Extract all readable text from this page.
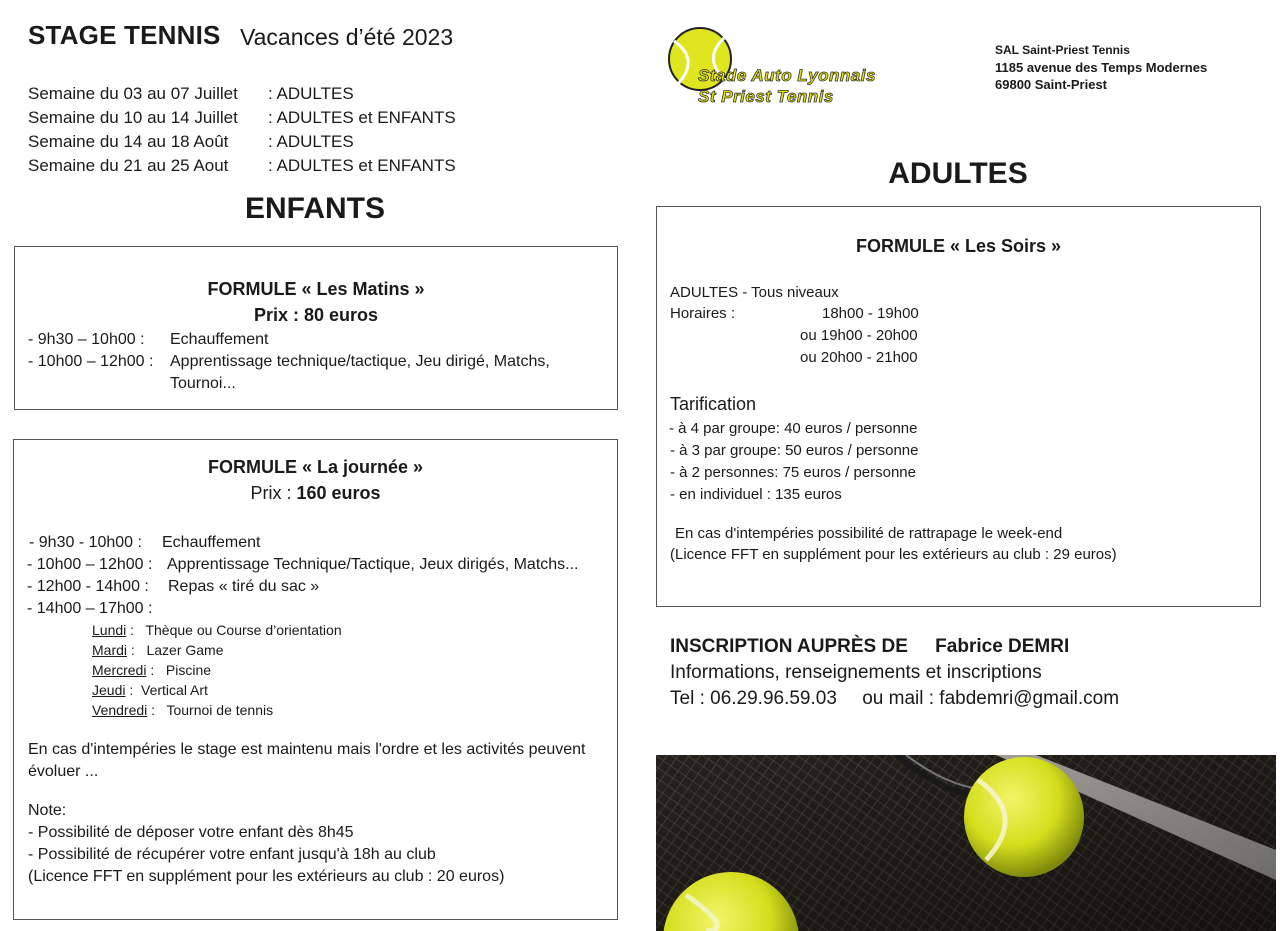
STAGE TENNIS Vacances d’été 2023
Semaine du 03 au 07 Juillet : ADULTES
Semaine du 10 au 14 Juillet : ADULTES et ENFANTS
Semaine du 14 au 18 Août : ADULTES
Semaine du 21 au 25 Aout : ADULTES et ENFANTS
Stade Auto Lyonnais
St Priest Tennis
SAL Saint-Priest Tennis
1185 avenue des Temps Modernes
69800 Saint-Priest
ENFANTS
ADULTES
FORMULE « Les Matins »
Prix : 80 euros
- 9h30 – 10h00 : Echauffement
- 10h00 – 12h00 : Apprentissage technique/tactique, Jeu dirigé, Matchs,
Tournoi...
FORMULE « La journée »
Prix : 160 euros
- 9h30 - 10h00 : Echauffement
- 10h00 – 12h00 : Apprentissage Technique/Tactique, Jeux dirigés, Matchs...
- 12h00 - 14h00 : Repas « tiré du sac »
- 14h00 – 17h00 :
Lundi :   Thèque ou Course d’orientation
Mardi :   Lazer Game
Mercredi :   Piscine
Jeudi :  Vertical Art
Vendredi :   Tournoi de tennis
En cas d'intempéries le stage est maintenu mais l'ordre et les activités peuvent
évoluer ...
Note:
- Possibilité de déposer votre enfant dès 8h45
- Possibilité de récupérer votre enfant jusqu'à 18h au club
(Licence FFT en supplément pour les extérieurs au club : 20 euros)
FORMULE « Les Soirs »
ADULTES - Tous niveaux
Horaires :	18h00 - 19h00
ou 19h00 - 20h00
ou 20h00 - 21h00
Tarification
- à 4 par groupe: 40 euros / personne
- à 3 par groupe: 50 euros / personne
- à 2 personnes: 75 euros / personne
- en individuel : 135 euros
En cas d'intempéries possibilité de rattrapage le week-end
(Licence FFT en supplément pour les extérieurs au club : 29 euros)
INSCRIPTION AUPRÈS DE Fabrice DEMRI
Informations, renseignements et inscriptions
Tel : 06.29.96.59.03 ou mail : fabdemri@gmail.com
